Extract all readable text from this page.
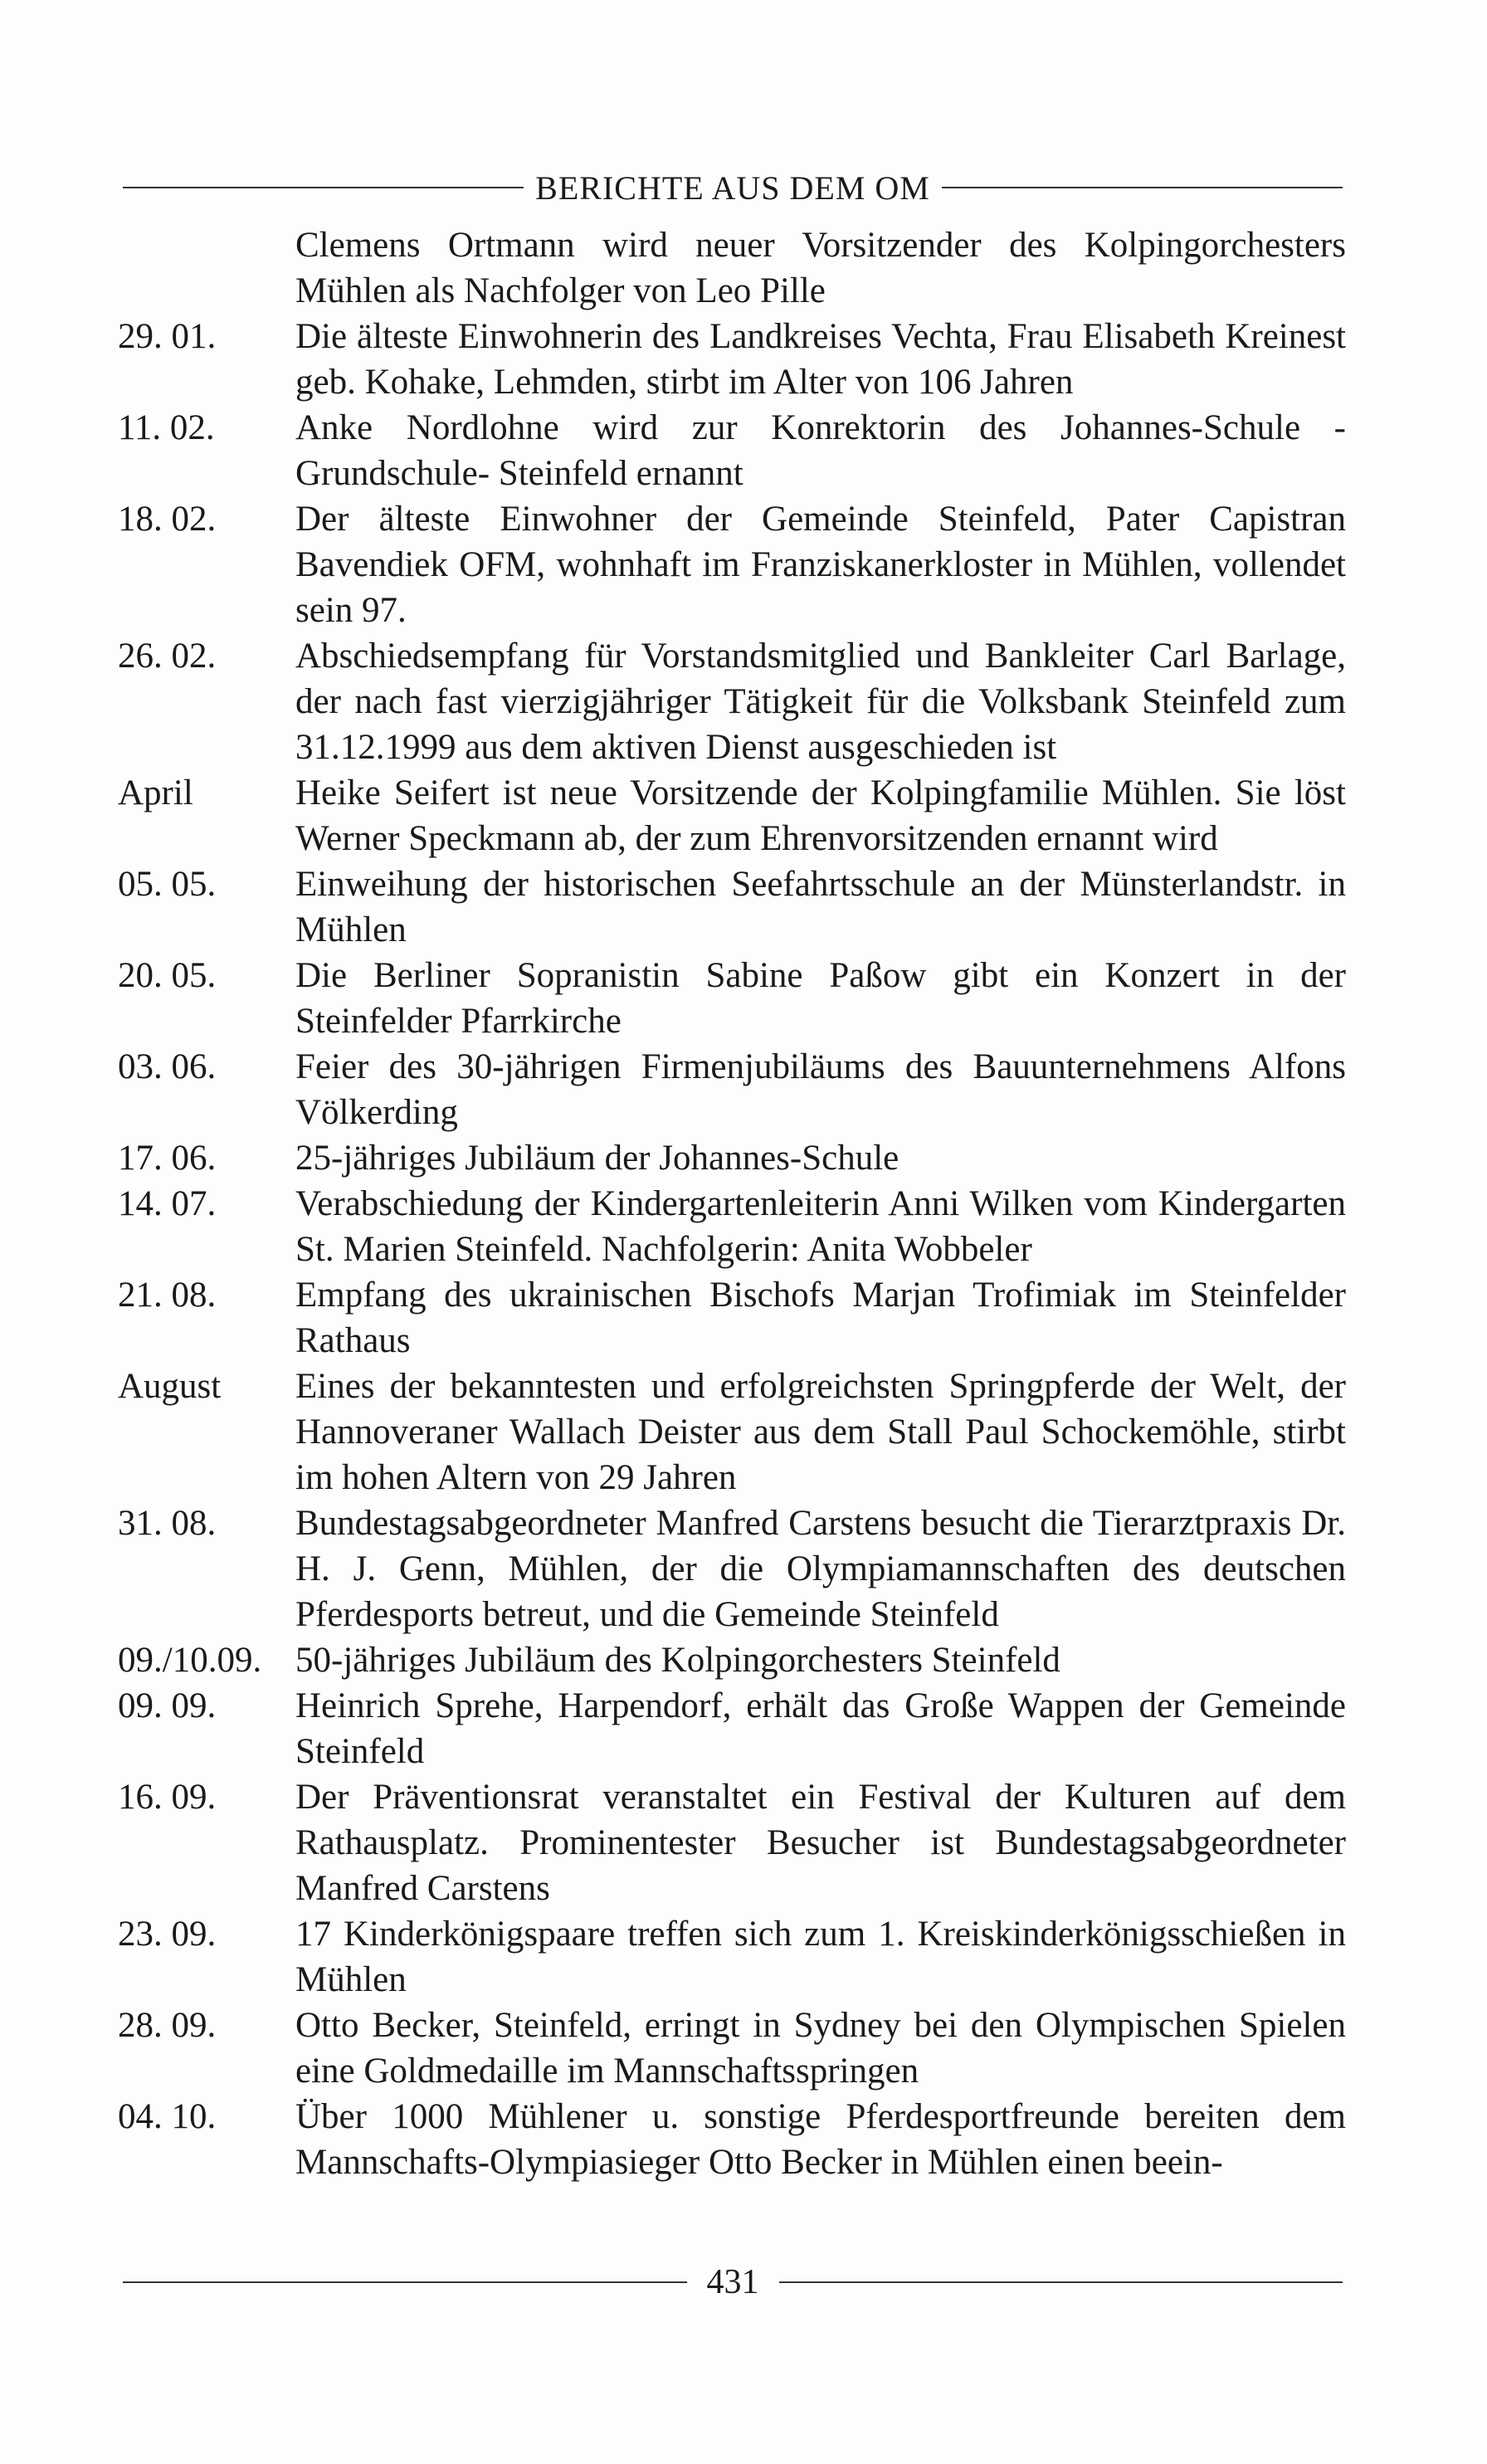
BERICHTE AUS DEM OM
Clemens Ortmann wird neuer Vorsitzender des Kolpingorchesters Mühlen als Nachfolger von Leo Pille
29. 01.	Die älteste Einwohnerin des Landkreises Vechta, Frau Elisabeth Kreinest geb. Kohake, Lehmden, stirbt im Alter von 106 Jahren
11. 02.	Anke Nordlohne wird zur Konrektorin des Johannes-Schule -Grundschule- Steinfeld ernannt
18. 02.	Der älteste Einwohner der Gemeinde Steinfeld, Pater Capistran Bavendiek OFM, wohnhaft im Franziskanerkloster in Mühlen, vollendet sein 97.
26. 02.	Abschiedsempfang für Vorstandsmitglied und Bankleiter Carl Barlage, der nach fast vierzigjähriger Tätigkeit für die Volksbank Steinfeld zum 31.12.1999 aus dem aktiven Dienst ausgeschieden ist
April	Heike Seifert ist neue Vorsitzende der Kolpingfamilie Mühlen. Sie löst Werner Speckmann ab, der zum Ehrenvorsitzenden ernannt wird
05. 05.	Einweihung der historischen Seefahrtsschule an der Münsterlandstr. in Mühlen
20. 05.	Die Berliner Sopranistin Sabine Paßow gibt ein Konzert in der Steinfelder Pfarrkirche
03. 06.	Feier des 30-jährigen Firmenjubiläums des Bauunternehmens Alfons Völkerding
17. 06.	25-jähriges Jubiläum der Johannes-Schule
14. 07.	Verabschiedung der Kindergartenleiterin Anni Wilken vom Kindergarten St. Marien Steinfeld. Nachfolgerin: Anita Wobbeler
21. 08.	Empfang des ukrainischen Bischofs Marjan Trofimiak im Steinfelder Rathaus
August	Eines der bekanntesten und erfolgreichsten Springpferde der Welt, der Hannoveraner Wallach Deister aus dem Stall Paul Schockemöhle, stirbt im hohen Altern von 29 Jahren
31. 08.	Bundestagsabgeordneter Manfred Carstens besucht die Tierarztpraxis Dr. H. J. Genn, Mühlen, der die Olympiamannschaften des deutschen Pferdesports betreut, und die Gemeinde Steinfeld
09./10.09. 50-jähriges Jubiläum des Kolpingorchesters Steinfeld
09. 09.	Heinrich Sprehe, Harpendorf, erhält das Große Wappen der Gemeinde Steinfeld
16. 09.	Der Präventionsrat veranstaltet ein Festival der Kulturen auf dem Rathausplatz. Prominentester Besucher ist Bundestagsabgeordneter Manfred Carstens
23. 09.	17 Kinderkönigspaare treffen sich zum 1. Kreiskinderkönigsschießen in Mühlen
28. 09.	Otto Becker, Steinfeld, erringt in Sydney bei den Olympischen Spielen eine Goldmedaille im Mannschaftsspringen
04. 10.	Über 1000 Mühlener u. sonstige Pferdesportfreunde bereiten dem Mannschafts-Olympiasieger Otto Becker in Mühlen einen beein-
431
